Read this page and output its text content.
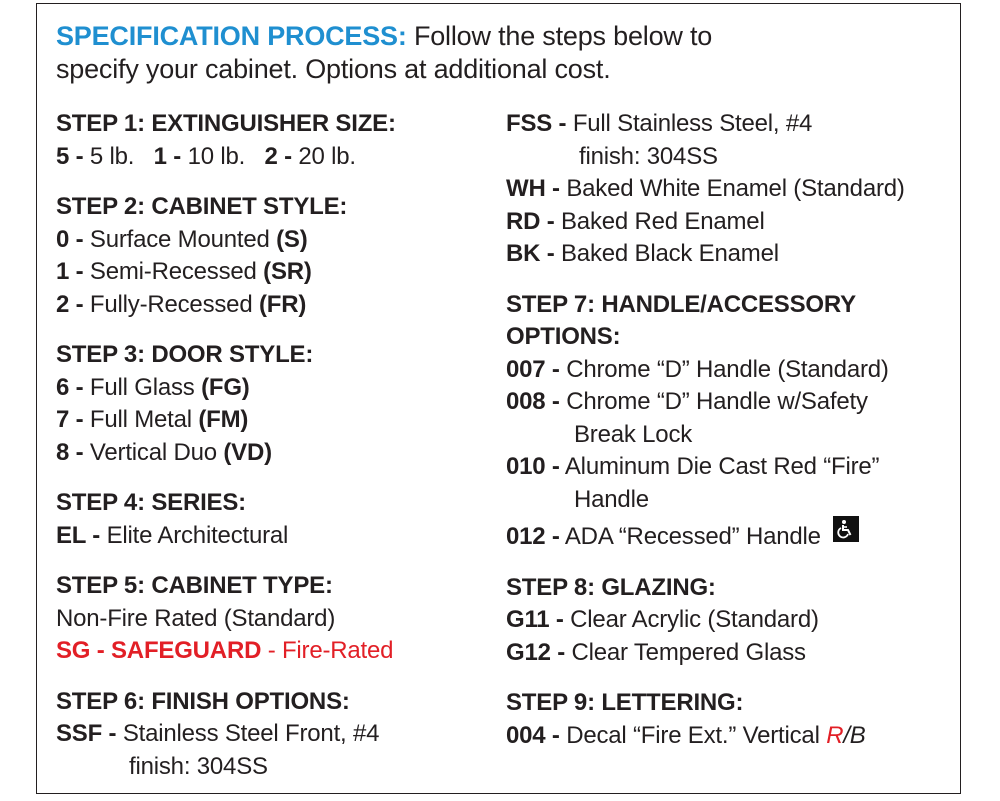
SPECIFICATION PROCESS: Follow the steps below to
specify your cabinet. Options at additional cost.
STEP 1: EXTINGUISHER SIZE:
5 - 5 lb. 1 - 10 lb. 2 - 20 lb.
STEP 2: CABINET STYLE:
0 - Surface Mounted (S)
1 - Semi-Recessed (SR)
2 - Fully-Recessed (FR)
STEP 3: DOOR STYLE:
6 - Full Glass (FG)
7 - Full Metal (FM)
8 - Vertical Duo (VD)
STEP 4: SERIES:
EL - Elite Architectural
STEP 5: CABINET TYPE:
Non-Fire Rated (Standard)
SG - SAFEGUARD - Fire-Rated
STEP 6: FINISH OPTIONS:
SSF - Stainless Steel Front, #4
finish: 304SS
FSS - Full Stainless Steel, #4
finish: 304SS
WH - Baked White Enamel (Standard)
RD - Baked Red Enamel
BK - Baked Black Enamel
STEP 7: HANDLE/ACCESSORY
OPTIONS:
007 - Chrome “D” Handle (Standard)
008 - Chrome “D” Handle w/Safety
Break Lock
010 - Aluminum Die Cast Red “Fire”
Handle
012 - ADA “Recessed” Handle
STEP 8: GLAZING:
G11 - Clear Acrylic (Standard)
G12 - Clear Tempered Glass
STEP 9: LETTERING:
004 - Decal “Fire Ext.” Vertical R/B
